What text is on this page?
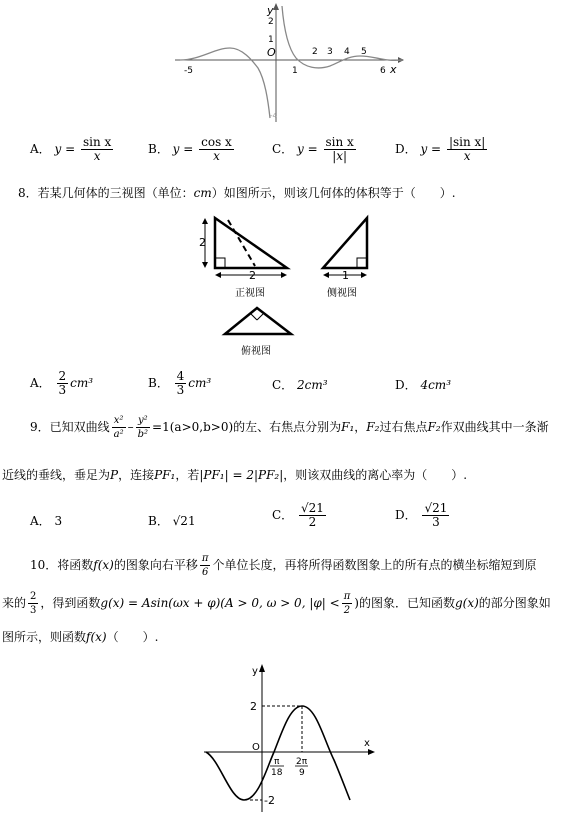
y
2
1
O
-5	1
2 3 4 5
6 x
-4
A． $y = \frac{\text{sin x}}{x}$	B． $y = \frac{\text{cos x}}{x}$	C． $y = \frac{\text{sin x}}{|x|}$	D． $y = \frac{\text{|sin x|}}{x}$
8．若某几何体的三视图（单位：cm）如图所示，则该几何体的体积等于（　　）.
2
2	1
正视图	侧视图
俯视图
A． $\frac{2}{3} cm^3$	B． $\frac{4}{3} cm^3$	C． 2cm³	D． 4cm³
9．已知双曲线 $\frac{\text{x²}}{\text{a²}} - \frac{\text{y²}}{\text{b²}} =1(a>0,b>0)$的左、右焦点分别为F₁，F₂过右焦点F₂作双曲线其中一条渐
近线的垂线，垂足为P，连接PF₁，若|PF₁| = 2|PF₂|，则该双曲线的离心率为（　　）.
A． 3	B． √21	C． $\frac{√21}{2}$	D． $\frac{√21}{3}$
10．将函数f(x)的图象向右平移 $\frac{\pi}{6}$ 个单位长度，再将所得函数图象上的所有点的横坐标缩短到原
来的 $\frac{2}{3}$ ，得到函数g(x) = Asin(ωx + φ)(A > 0, ω > 0, $|\varphi| < \frac{\pi}{2}$ )的图象．已知函数g(x)的部分图象如
图所示，则函数f(x)（　　）.
y
2
O
-2
x
π
18
2π
9
